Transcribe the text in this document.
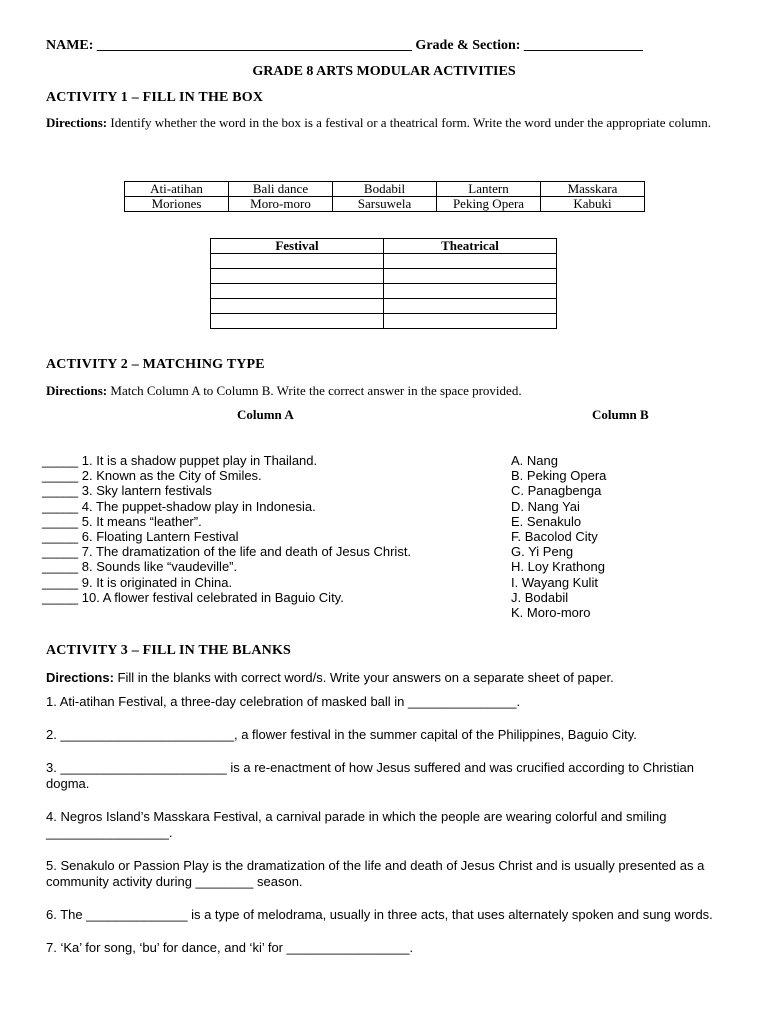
NAME: _____________________________________________ Grade & Section: _________________
GRADE 8 ARTS MODULAR ACTIVITIES
ACTIVITY 1 – FILL IN THE BOX
Directions: Identify whether the word in the box is a festival or a theatrical form. Write the word under the appropriate column.
Ati-atihan	Bali dance	Bodabil	Lantern	Masskara
Moriones	Moro-moro	Sarsuwela	Peking Opera	Kabuki
Festival	Theatrical

ACTIVITY 2 – MATCHING TYPE
Directions: Match Column A to Column B. Write the correct answer in the space provided.
Column A	Column B
_____ 1. It is a shadow puppet play in Thailand.
_____ 2. Known as the City of Smiles.
_____ 3. Sky lantern festivals
_____ 4. The puppet-shadow play in Indonesia.
_____ 5. It means “leather”.
_____ 6. Floating Lantern Festival
_____ 7. The dramatization of the life and death of Jesus Christ.
_____ 8. Sounds like “vaudeville”.
_____ 9. It is originated in China.
_____ 10. A flower festival celebrated in Baguio City.
A. Nang
B. Peking Opera
C. Panagbenga
D. Nang Yai
E. Senakulo
F. Bacolod City
G. Yi Peng
H. Loy Krathong
I. Wayang Kulit
J. Bodabil
K. Moro-moro
ACTIVITY 3 – FILL IN THE BLANKS
Directions: Fill in the blanks with correct word/s. Write your answers on a separate sheet of paper.
1. Ati-atihan Festival, a three-day celebration of masked ball in _______________.
2. ________________________, a flower festival in the summer capital of the Philippines, Baguio City.
3. _______________________ is a re-enactment of how Jesus suffered and was crucified according to Christian dogma.
4. Negros Island’s Masskara Festival, a carnival parade in which the people are wearing colorful and smiling _________________.
5. Senakulo or Passion Play is the dramatization of the life and death of Jesus Christ and is usually presented as a community activity during ________ season.
6. The ______________ is a type of melodrama, usually in three acts, that uses alternately spoken and sung words.
7. ‘Ka’ for song, ‘bu’ for dance, and ‘ki’ for _________________.
